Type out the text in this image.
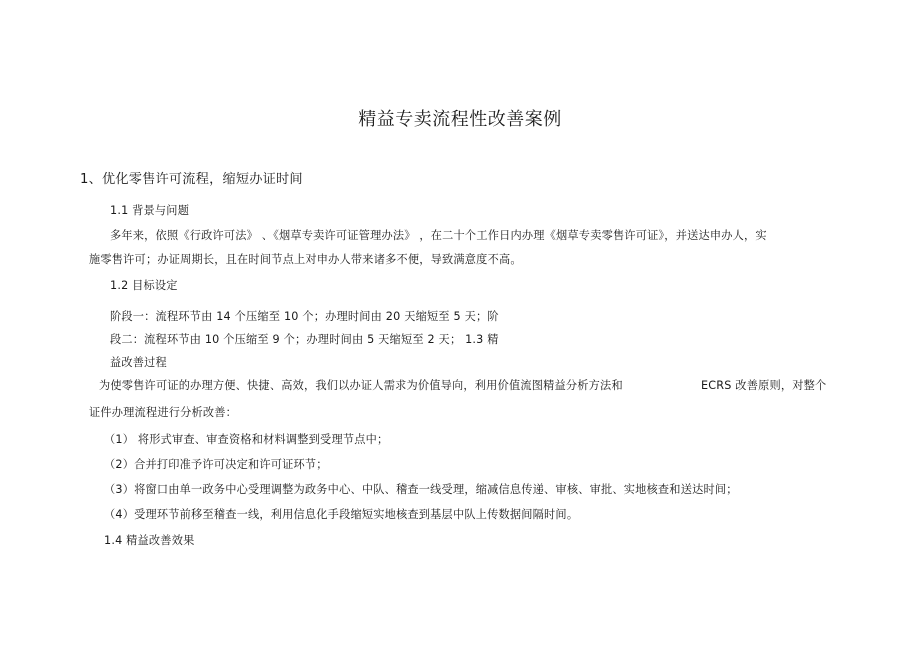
精益专卖流程性改善案例
1、优化零售许可流程，缩短办证时间
1.1 背景与问题
多年来，依照《行政许可法》 、《烟草专卖许可证管理办法》 ，在二十个工作日内办理《烟草专卖零售许可证》，并送达申办人，实
施零售许可；办证周期长，且在时间节点上对申办人带来诸多不便，导致满意度不高。
1.2 目标设定
阶段一：流程环节由 14 个压缩至 10 个；办理时间由 20 天缩短至 5 天；阶
段二：流程环节由 10 个压缩至 9 个；办理时间由 5 天缩短至 2 天； 1.3 精
益改善过程
为使零售许可证的办理方便、快捷、高效，我们以办证人需求为价值导向，利用价值流图精益分析方法和	ECRS 改善原则，对整个
证件办理流程进行分析改善：
（1） 将形式审查、审查资格和材料调整到受理节点中；
（2）合并打印准予许可决定和许可证环节；
（3）将窗口由单一政务中心受理调整为政务中心、中队、稽查一线受理，缩减信息传递、审核、审批、实地核查和送达时间；
（4）受理环节前移至稽查一线，利用信息化手段缩短实地核查到基层中队上传数据间隔时间。
1.4 精益改善效果
